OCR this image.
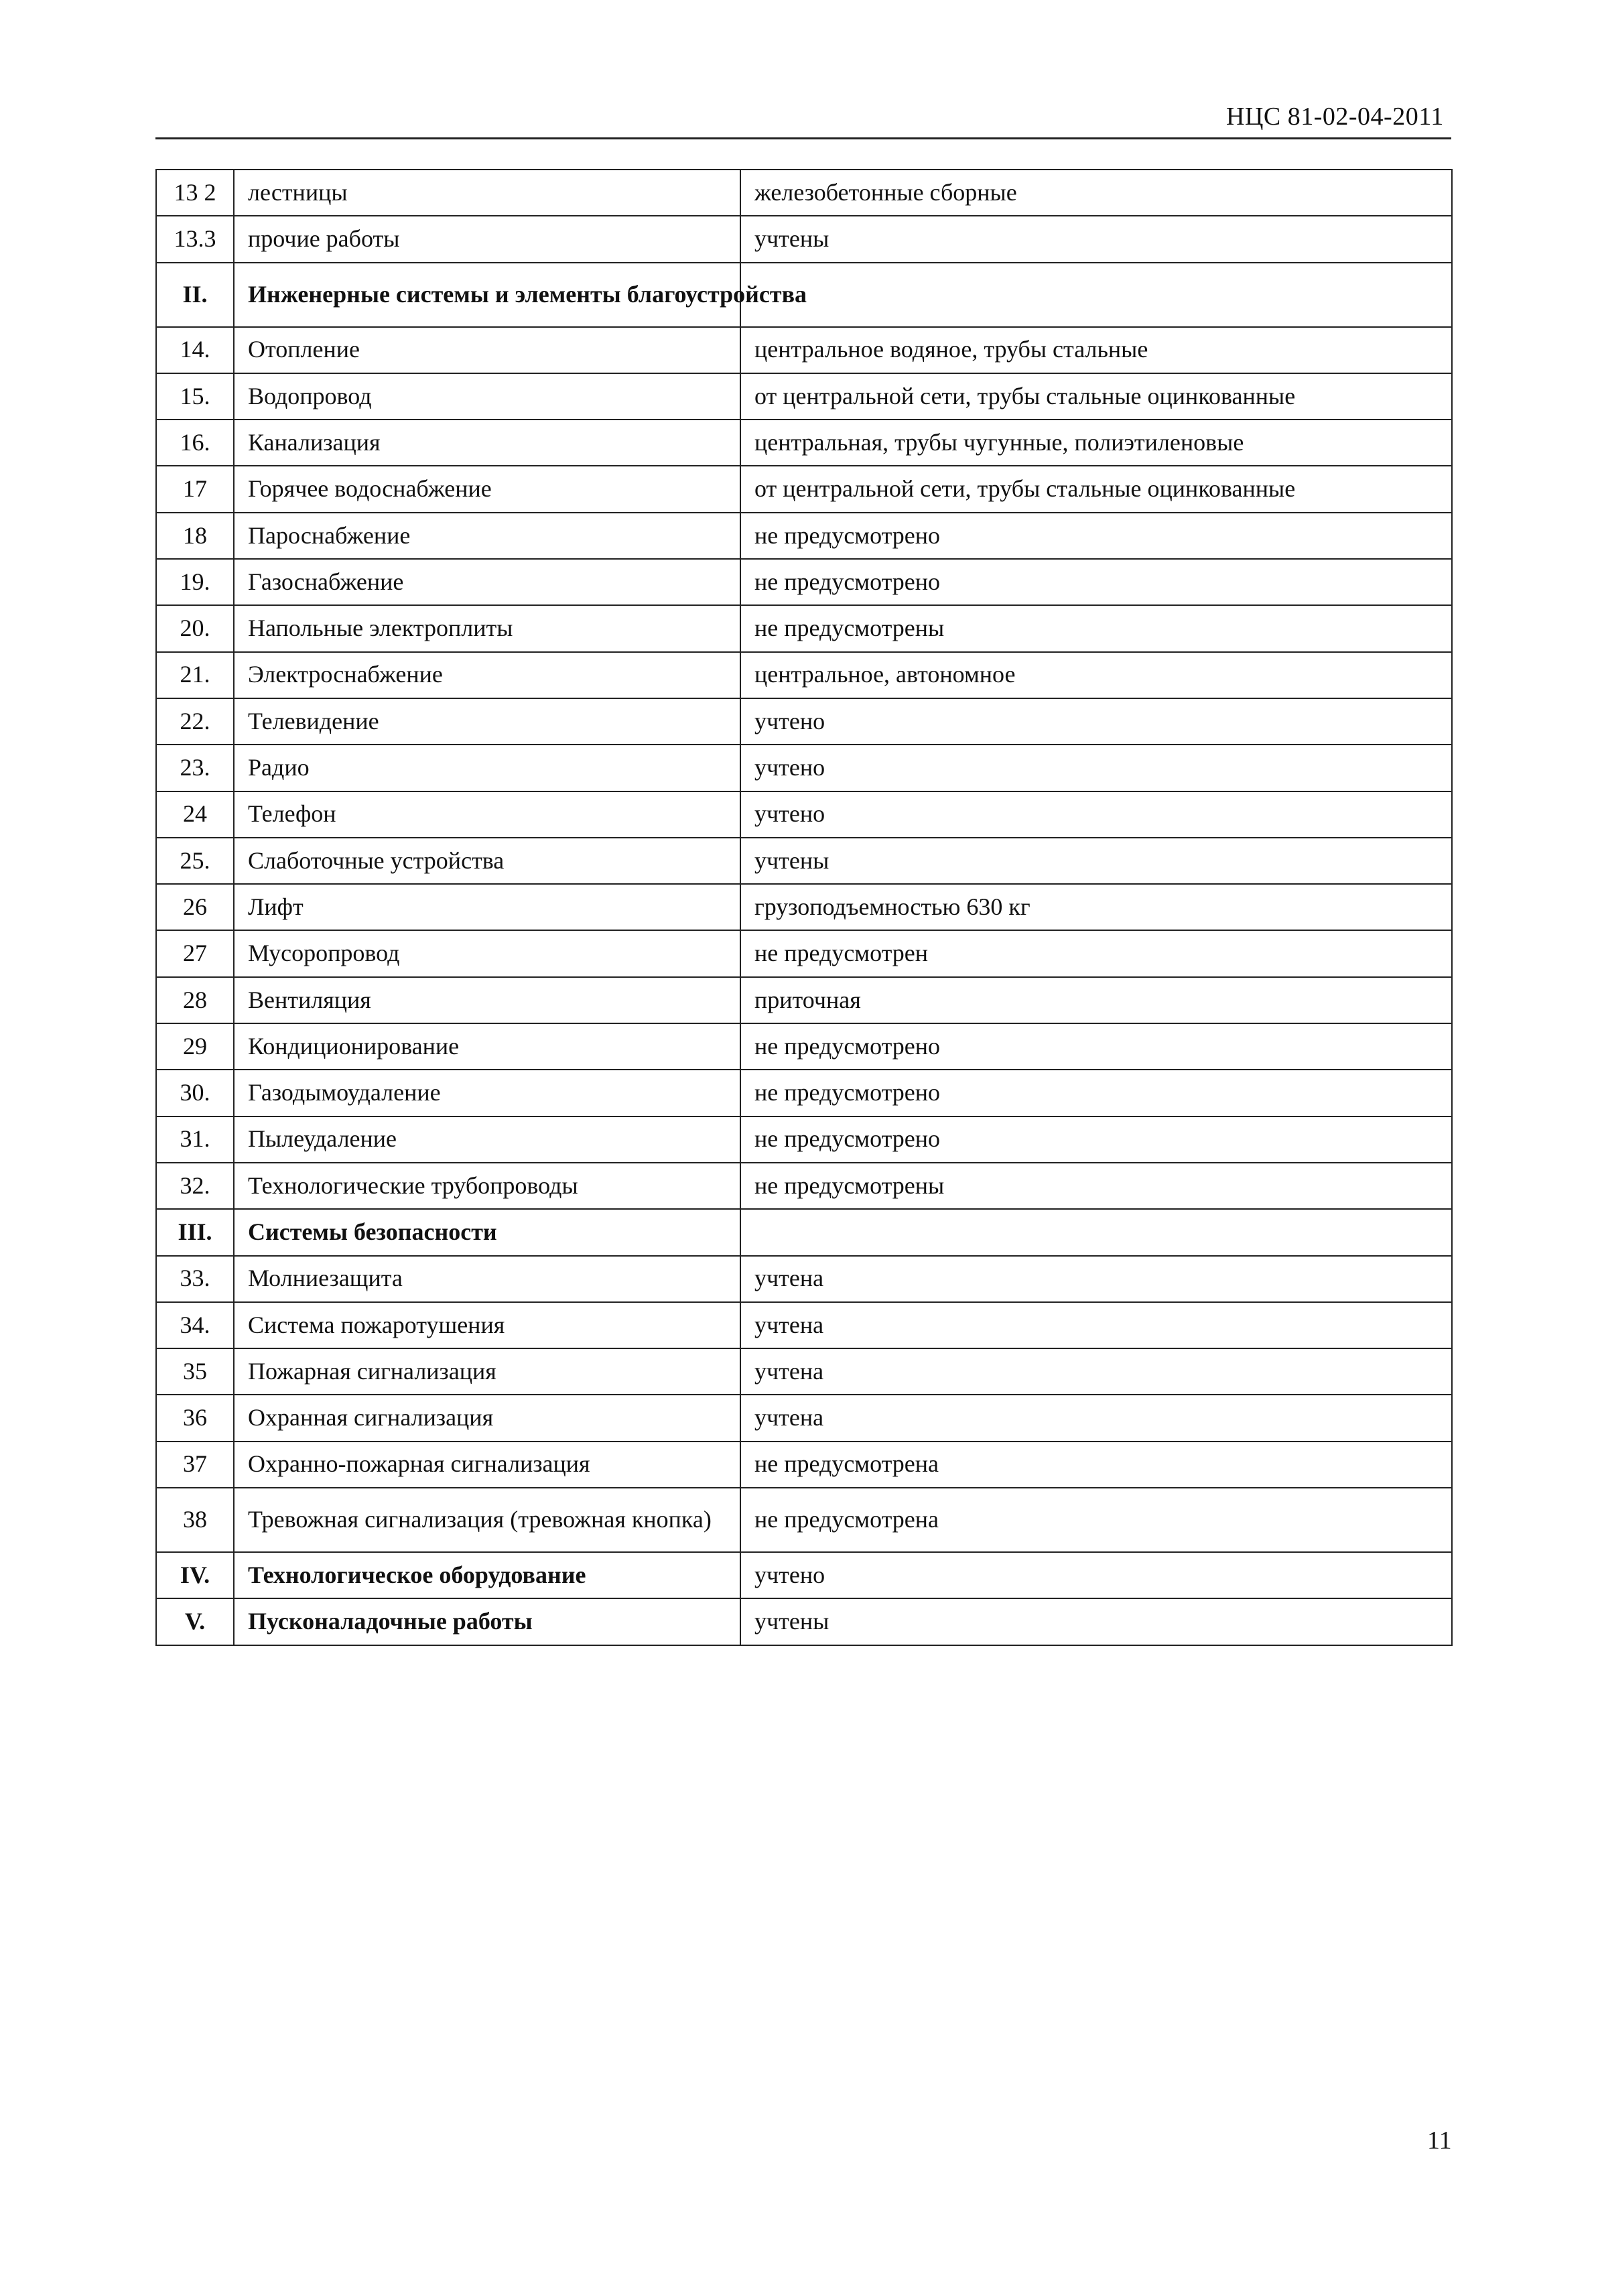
НЦС 81-02-04-2011
13 2	лестницы	железобетонные сборные
13.3	прочие работы	учтены
II.	Инженерные системы и элементы благоустройства	
14.	Отопление	центральное водяное, трубы стальные
15.	Водопровод	от центральной сети, трубы стальные оцинкованные
16.	Канализация	центральная, трубы чугунные, полиэтиленовые
17	Горячее водоснабжение	от центральной сети, трубы стальные оцинкованные
18	Пароснабжение	не предусмотрено
19.	Газоснабжение	не предусмотрено
20.	Напольные электроплиты	не предусмотрены
21.	Электроснабжение	центральное, автономное
22.	Телевидение	учтено
23.	Радио	учтено
24	Телефон	учтено
25.	Слаботочные устройства	учтены
26	Лифт	грузоподъемностью 630 кг
27	Мусоропровод	не предусмотрен
28	Вентиляция	приточная
29	Кондиционирование	не предусмотрено
30.	Газодымоудаление	не предусмотрено
31.	Пылеудаление	не предусмотрено
32.	Технологические трубопроводы	не предусмотрены
III.	Системы безопасности	
33.	Молниезащита	учтена
34.	Система пожаротушения	учтена
35	Пожарная сигнализация	учтена
36	Охранная сигнализация	учтена
37	Охранно-пожарная сигнализация	не предусмотрена
38	Тревожная сигнализация (тревожная кнопка)	не предусмотрена
IV.	Технологическое оборудование	учтено
V.	Пусконаладочные работы	учтены
11
